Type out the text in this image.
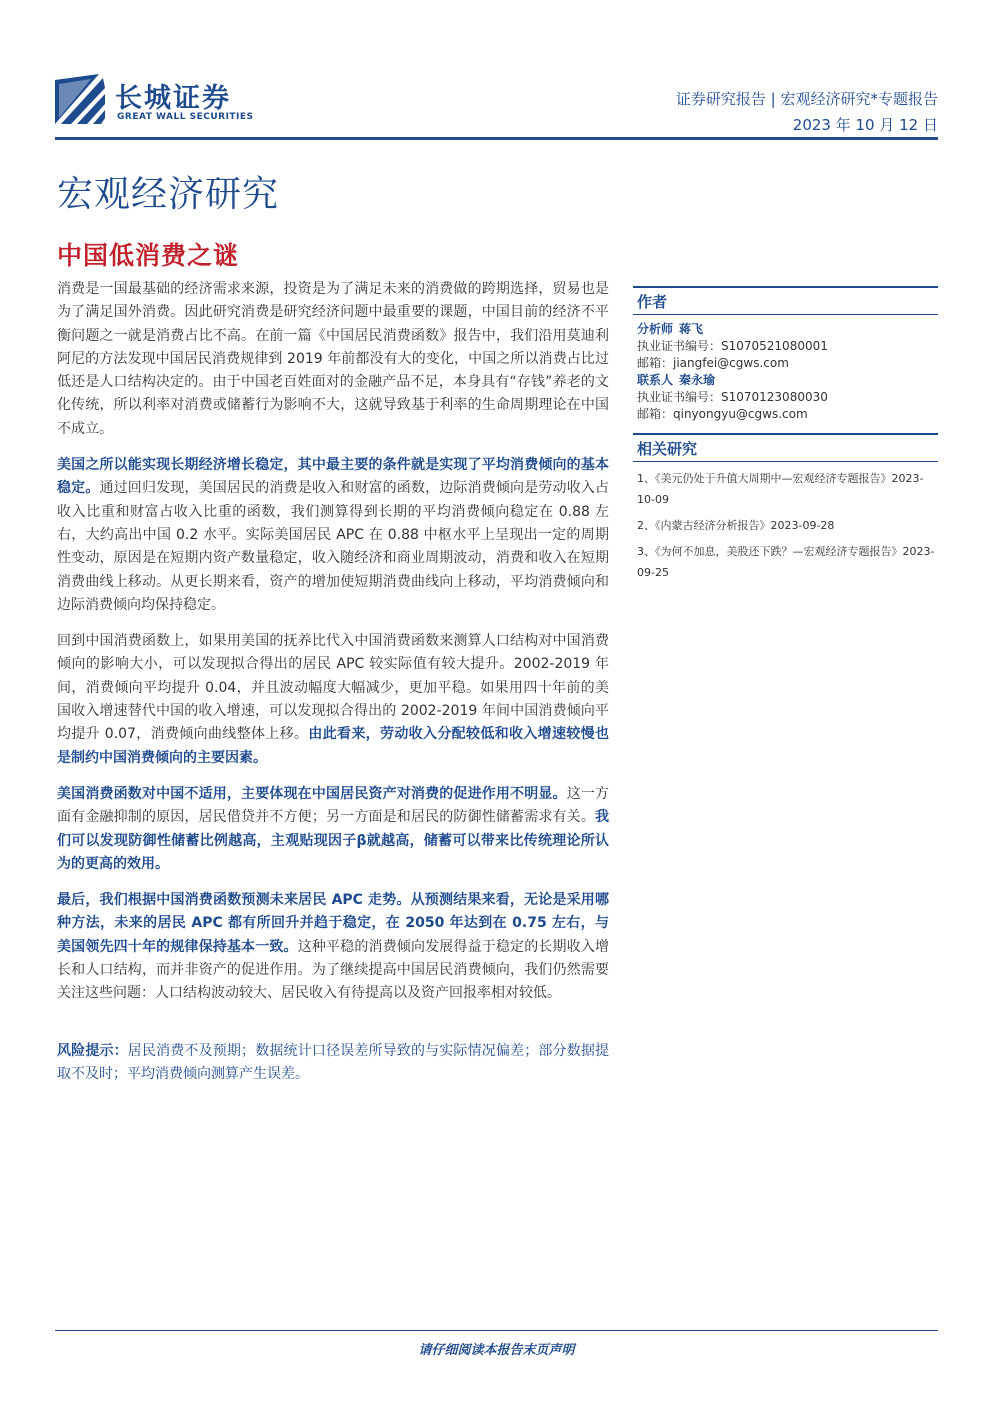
长城证券
GREAT WALL SECURITIES
证券研究报告 | 宏观经济研究*专题报告
2023 年 10 月 12 日
宏观经济研究
中国低消费之谜

消费是一国最基础的经济需求来源，投资是为了满足未来的消费做的跨期选择，贸易也是为了满足国外消费。因此研究消费是研究经济问题中最重要的课题，中国目前的经济不平衡问题之一就是消费占比不高。在前一篇《中国居民消费函数》报告中，我们沿用莫迪利阿尼的方法发现中国居民消费规律到 2019 年前都没有大的变化，中国之所以消费占比过低还是人口结构决定的。由于中国老百姓面对的金融产品不足，本身具有“存钱”养老的文化传统，所以利率对消费或储蓄行为影响不大，这就导致基于利率的生命周期理论在中国不成立。

美国之所以能实现长期经济增长稳定，其中最主要的条件就是实现了平均消费倾向的基本稳定。通过回归发现，美国居民的消费是收入和财富的函数，边际消费倾向是劳动收入占收入比重和财富占收入比重的函数，我们测算得到长期的平均消费倾向稳定在 0.88 左右，大约高出中国 0.2 水平。实际美国居民 APC 在 0.88 中枢水平上呈现出一定的周期性变动，原因是在短期内资产数量稳定，收入随经济和商业周期波动，消费和收入在短期消费曲线上移动。从更长期来看，资产的增加使短期消费曲线向上移动，平均消费倾向和边际消费倾向均保持稳定。

回到中国消费函数上，如果用美国的抚养比代入中国消费函数来测算人口结构对中国消费倾向的影响大小，可以发现拟合得出的居民 APC 较实际值有较大提升。2002-2019 年间，消费倾向平均提升 0.04，并且波动幅度大幅减少，更加平稳。如果用四十年前的美国收入增速替代中国的收入增速，可以发现拟合得出的 2002-2019 年间中国消费倾向平均提升 0.07，消费倾向曲线整体上移。由此看来，劳动收入分配较低和收入增速较慢也是制约中国消费倾向的主要因素。

美国消费函数对中国不适用，主要体现在中国居民资产对消费的促进作用不明显。这一方面有金融抑制的原因，居民借贷并不方便；另一方面是和居民的防御性储蓄需求有关。我们可以发现防御性储蓄比例越高，主观贴现因子β就越高，储蓄可以带来比传统理论所认为的更高的效用。

最后，我们根据中国消费函数预测未来居民 APC 走势。从预测结果来看，无论是采用哪种方法，未来的居民 APC 都有所回升并趋于稳定，在 2050 年达到在 0.75 左右，与美国领先四十年的规律保持基本一致。这种平稳的消费倾向发展得益于稳定的长期收入增长和人口结构，而并非资产的促进作用。为了继续提高中国居民消费倾向，我们仍然需要关注这些问题：人口结构波动较大、居民收入有待提高以及资产回报率相对较低。

风险提示：居民消费不及预期；数据统计口径误差所导致的与实际情况偏差；部分数据提取不及时；平均消费倾向测算产生误差。

作者
分析师 蒋飞
执业证书编号：S1070521080001
邮箱：jiangfei@cgws.com
联系人 秦永瑜
执业证书编号：S1070123080030
邮箱：qinyongyu@cgws.com
相关研究
1、《美元仍处于升值大周期中—宏观经济专题报告》2023-10-09
2、《内蒙古经济分析报告》2023-09-28
3、《为何不加息，美股还下跌？—宏观经济专题报告》2023-09-25
请仔细阅读本报告末页声明
